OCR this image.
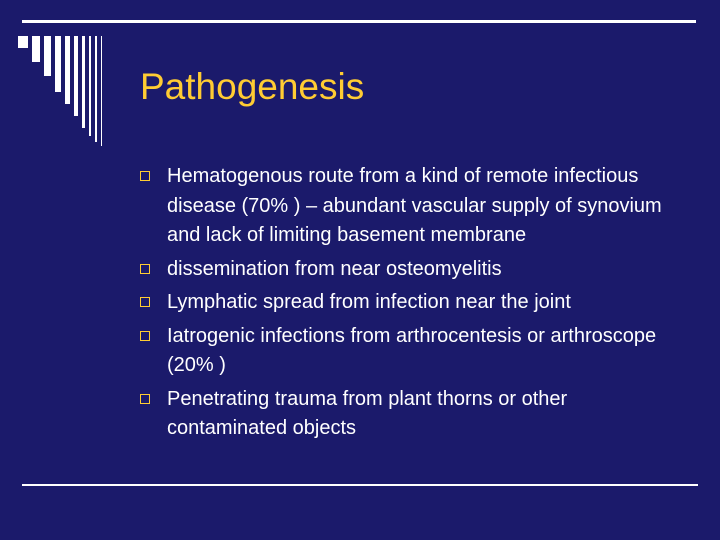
Pathogenesis
Hematogenous route from a kind of remote infectious disease (70% ) – abundant vascular supply of synovium and lack of limiting basement membrane
dissemination from near osteomyelitis
Lymphatic spread from infection near the joint
Iatrogenic infections from arthrocentesis or arthroscope (20% )
Penetrating trauma from plant thorns or other contaminated objects
